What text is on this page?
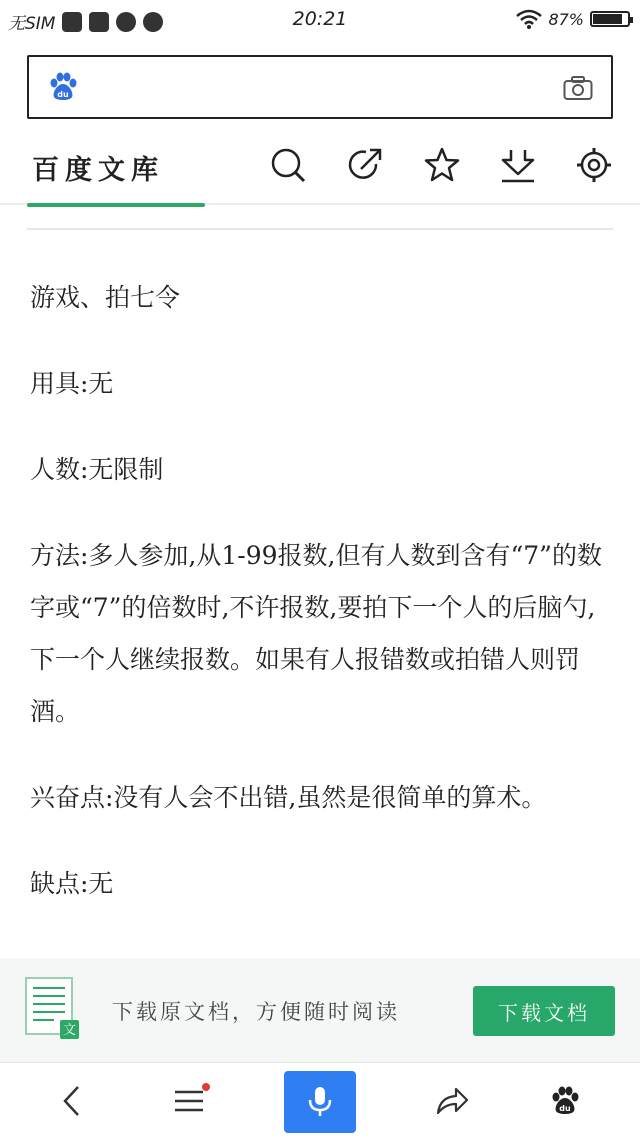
无SIM	20:21	87%
du
百度文库

游戏、拍七令

用具:无

人数:无限制

方法:多人参加,从1-99报数,但有人数到含有“7”的数字或“7”的倍数时,不许报数,要拍下一个人的后脑勺,下一个人继续报数。如果有人报错数或拍错人则罚酒。

兴奋点:没有人会不出错,虽然是很简单的算术。

缺点:无

文
下载原文档，方便随时阅读	下载文档
du
